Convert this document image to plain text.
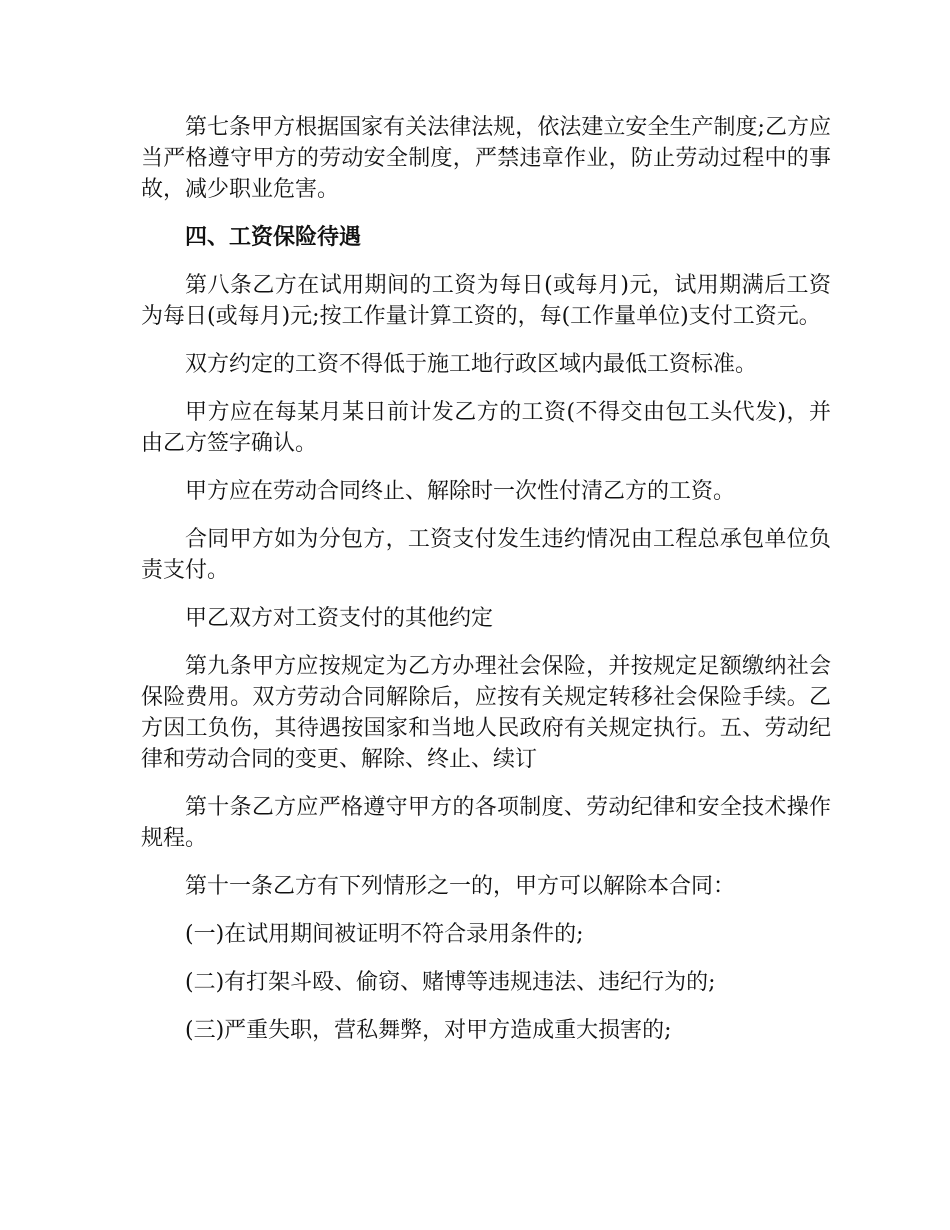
第七条甲方根据国家有关法律法规，依法建立安全生产制度;乙方应当严格遵守甲方的劳动安全制度，严禁违章作业，防止劳动过程中的事故，减少职业危害。

四、工资保险待遇

第八条乙方在试用期间的工资为每日(或每月)元，试用期满后工资为每日(或每月)元;按工作量计算工资的，每(工作量单位)支付工资元。

双方约定的工资不得低于施工地行政区域内最低工资标准。

甲方应在每某月某日前计发乙方的工资(不得交由包工头代发)，并由乙方签字确认。

甲方应在劳动合同终止、解除时一次性付清乙方的工资。

合同甲方如为分包方，工资支付发生违约情况由工程总承包单位负责支付。

甲乙双方对工资支付的其他约定

第九条甲方应按规定为乙方办理社会保险，并按规定足额缴纳社会保险费用。双方劳动合同解除后，应按有关规定转移社会保险手续。乙方因工负伤，其待遇按国家和当地人民政府有关规定执行。五、劳动纪律和劳动合同的变更、解除、终止、续订

第十条乙方应严格遵守甲方的各项制度、劳动纪律和安全技术操作规程。

第十一条乙方有下列情形之一的，甲方可以解除本合同：

(一)在试用期间被证明不符合录用条件的;

(二)有打架斗殴、偷窃、赌博等违规违法、违纪行为的;

(三)严重失职，营私舞弊，对甲方造成重大损害的;
